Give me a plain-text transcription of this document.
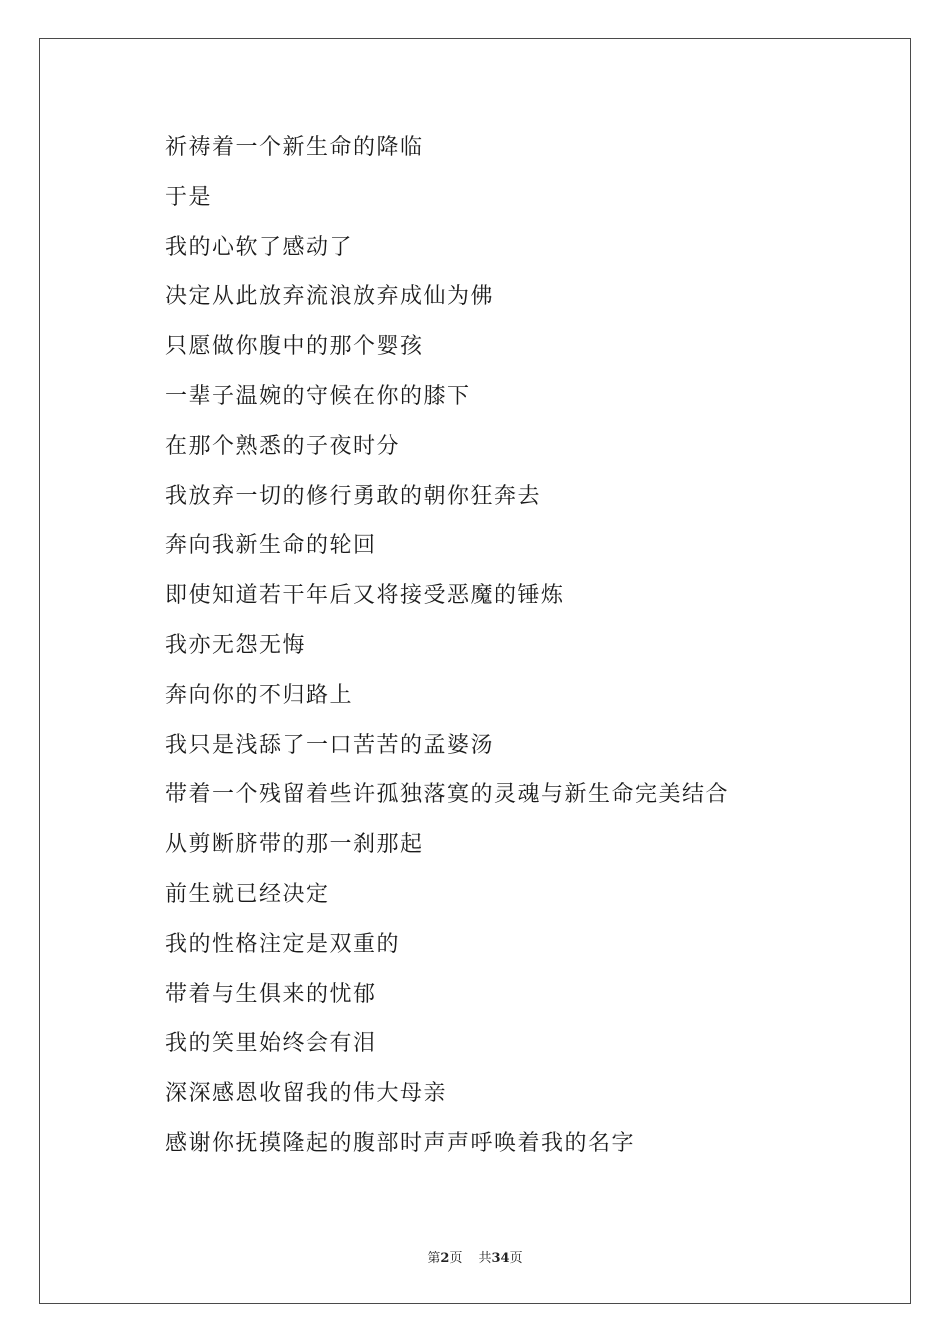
祈祷着一个新生命的降临
于是
我的心软了感动了
决定从此放弃流浪放弃成仙为佛
只愿做你腹中的那个婴孩
一辈子温婉的守候在你的膝下
在那个熟悉的子夜时分
我放弃一切的修行勇敢的朝你狂奔去
奔向我新生命的轮回
即使知道若干年后又将接受恶魔的锤炼
我亦无怨无悔
奔向你的不归路上
我只是浅舔了一口苦苦的孟婆汤
带着一个残留着些许孤独落寞的灵魂与新生命完美结合
从剪断脐带的那一刹那起
前生就已经决定
我的性格注定是双重的
带着与生俱来的忧郁
我的笑里始终会有泪
深深感恩收留我的伟大母亲
感谢你抚摸隆起的腹部时声声呼唤着我的名字
第2页 共34页
